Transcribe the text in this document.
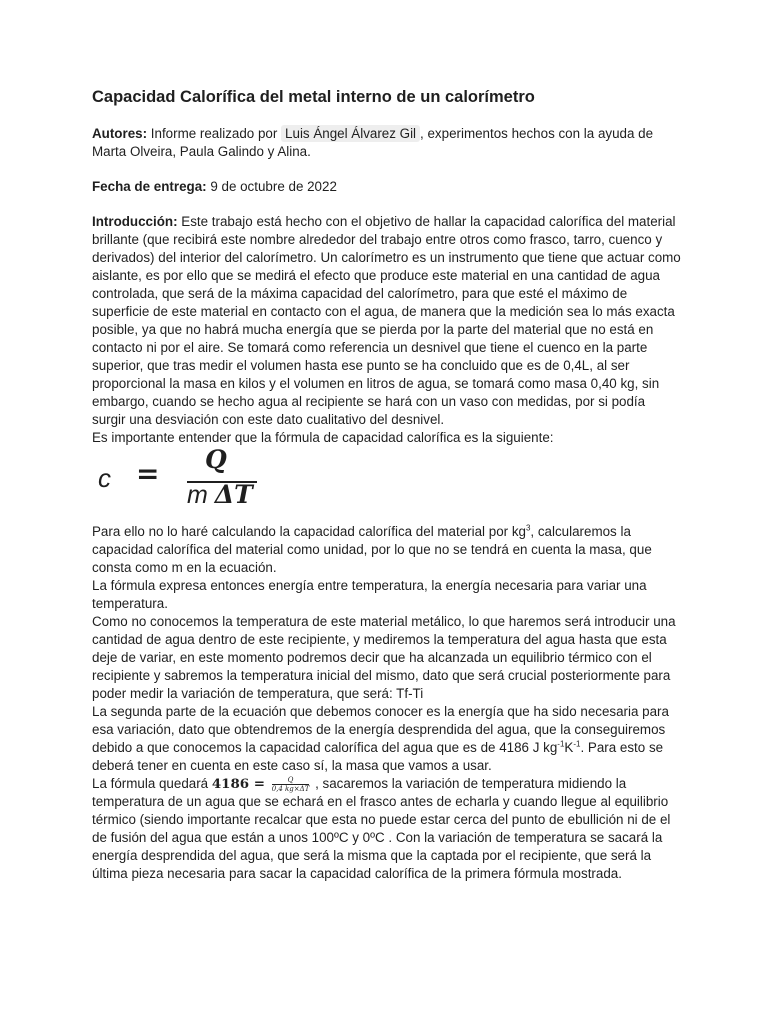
Capacidad Calorífica del metal interno de un calorímetro

Autores: Informe realizado por Luis Ángel Álvarez Gil , experimentos hechos con la ayuda de Marta Olveira, Paula Galindo y Alina.

Fecha de entrega: 9 de octubre de 2022

Introducción: Este trabajo está hecho con el objetivo de hallar la capacidad calorífica del material brillante (que recibirá este nombre alrededor del trabajo entre otros como frasco, tarro, cuenco y derivados) del interior del calorímetro. Un calorímetro es un instrumento que tiene que actuar como aislante, es por ello que se medirá el efecto que produce este material en una cantidad de agua controlada, que será de la máxima capacidad del calorímetro, para que esté el máximo de superficie de este material en contacto con el agua, de manera que la medición sea lo más exacta posible, ya que no habrá mucha energía que se pierda por la parte del material que no está en contacto ni por el aire. Se tomará como referencia un desnivel que tiene el cuenco en la parte superior, que tras medir el volumen hasta ese punto se ha concluido que es de 0,4L, al ser proporcional la masa en kilos y el volumen en litros de agua, se tomará como masa 0,40 kg, sin embargo, cuando se hecho agua al recipiente se hará con un vaso con medidas, por si podía surgir una desviación con este dato cualitativo del desnivel.

Es importante entender que la fórmula de capacidad calorífica es la siguiente:

c = Q
m ΔT

Para ello no lo haré calculando la capacidad calorífica del material por $kg^3$, calcularemos la capacidad calorífica del material como unidad, por lo que no se tendrá en cuenta la masa, que consta como m en la ecuación.

La fórmula expresa entonces energía entre temperatura, la energía necesaria para variar una temperatura.

Como no conocemos la temperatura de este material metálico, lo que haremos será introducir una cantidad de agua dentro de este recipiente, y mediremos la temperatura del agua hasta que esta deje de variar, en este momento podremos decir que ha alcanzada un equilibrio térmico con el recipiente y sabremos la temperatura inicial del mismo, dato que será crucial posteriormente para poder medir la variación de temperatura, que será: Tf-Ti

La segunda parte de la ecuación que debemos conocer es la energía que ha sido necesaria para esa variación, dato que obtendremos de la energía desprendida del agua, que la conseguiremos debido a que conocemos la capacidad calorífica del agua que es de 4186 J $kg^{-1}K^{-1}$. Para esto se deberá tener en cuenta en este caso sí, la masa que vamos a usar.

La fórmula quedará $4186 = \frac{Q}{0,4 kg\times\Delta T}$ , sacaremos la variación de temperatura midiendo la temperatura de un agua que se echará en el frasco antes de echarla y cuando llegue al equilibrio térmico (siendo importante recalcar que esta no puede estar cerca del punto de ebullición ni de el de fusión del agua que están a unos 100ºC y 0ºC . Con la variación de temperatura se sacará la energía desprendida del agua, que será la misma que la captada por el recipiente, que será la última pieza necesaria para sacar la capacidad calorífica de la primera fórmula mostrada.
